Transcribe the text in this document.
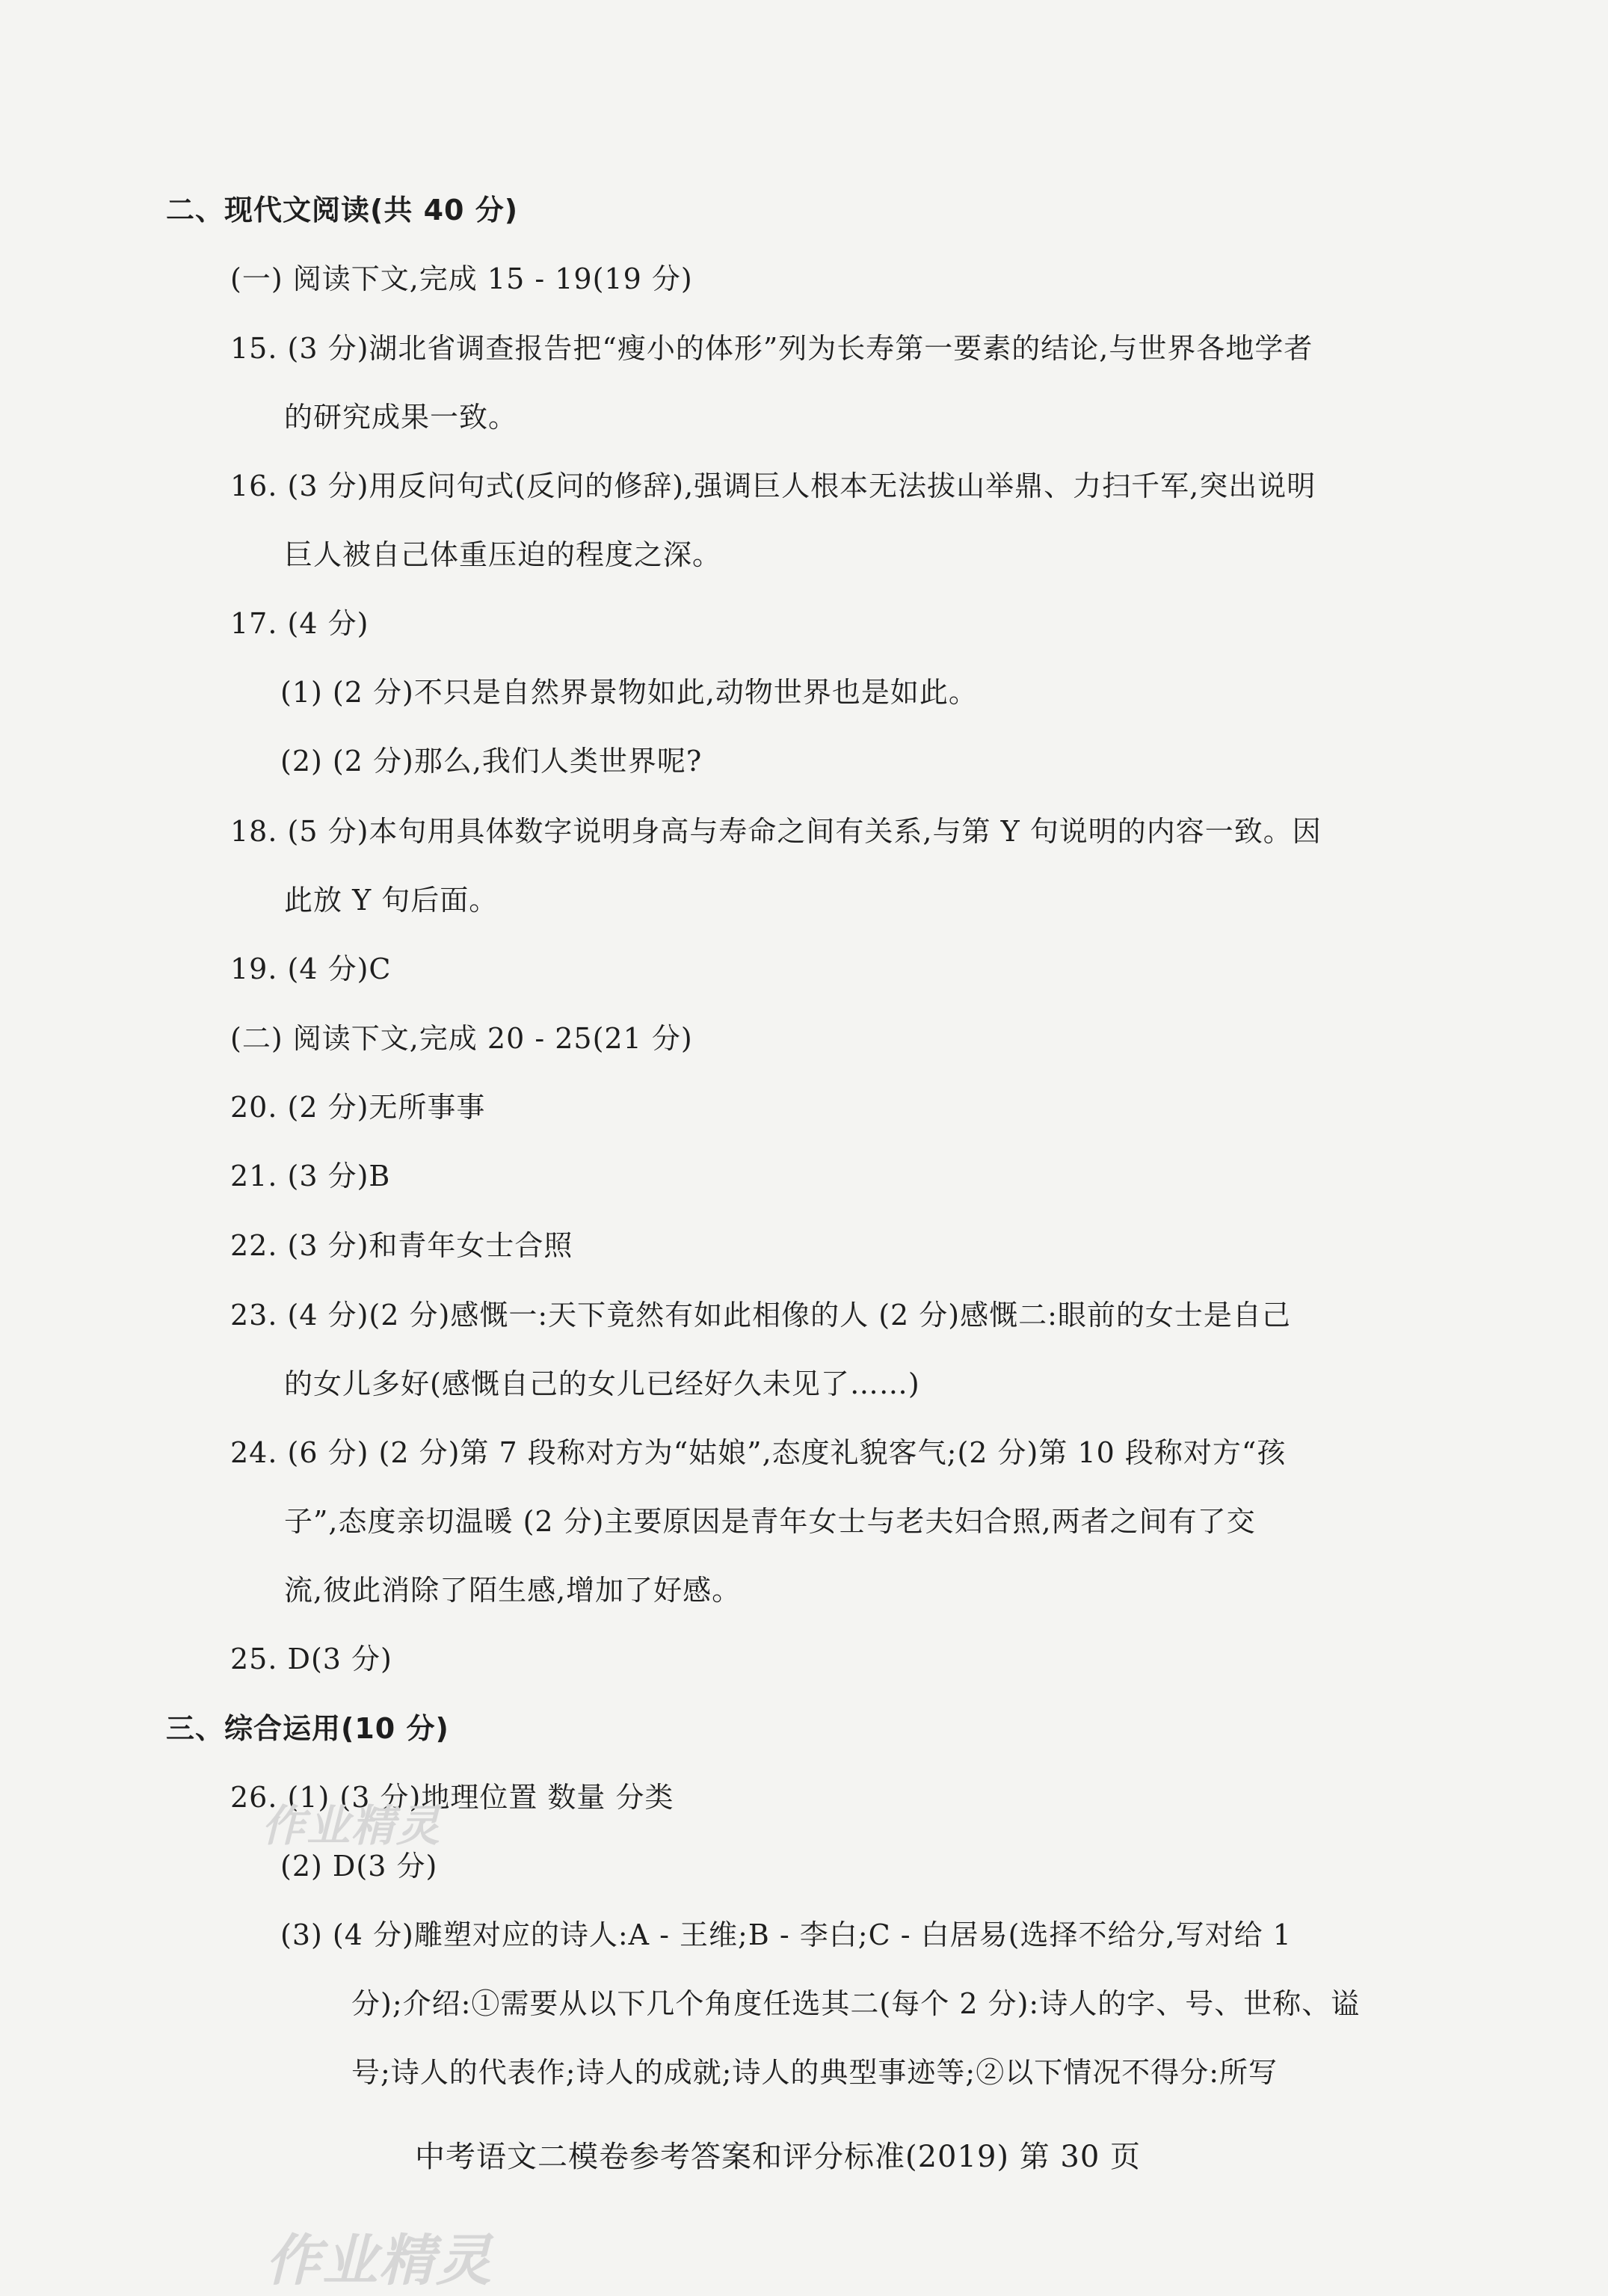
二、现代文阅读(共 40 分)
(一) 阅读下文,完成 15 - 19(19 分)
15. (3 分)湖北省调查报告把“瘦小的体形”列为长寿第一要素的结论,与世界各地学者
的研究成果一致。
16. (3 分)用反问句式(反问的修辞),强调巨人根本无法拔山举鼎、力扫千军,突出说明
巨人被自己体重压迫的程度之深。
17. (4 分)
(1) (2 分)不只是自然界景物如此,动物世界也是如此。
(2) (2 分)那么,我们人类世界呢?
18. (5 分)本句用具体数字说明身高与寿命之间有关系,与第 Y 句说明的内容一致。因
此放 Y 句后面。
19. (4 分)C
(二) 阅读下文,完成 20 - 25(21 分)
20. (2 分)无所事事
21. (3 分)B
22. (3 分)和青年女士合照
23. (4 分)(2 分)感慨一:天下竟然有如此相像的人 (2 分)感慨二:眼前的女士是自己
的女儿多好(感慨自己的女儿已经好久未见了……)
24. (6 分) (2 分)第 7 段称对方为“姑娘”,态度礼貌客气;(2 分)第 10 段称对方“孩
子”,态度亲切温暖 (2 分)主要原因是青年女士与老夫妇合照,两者之间有了交
流,彼此消除了陌生感,增加了好感。
25. D(3 分)
三、综合运用(10 分)
26. (1) (3 分)地理位置 数量 分类
(2) D(3 分)
(3) (4 分)雕塑对应的诗人:A - 王维;B - 李白;C - 白居易(选择不给分,写对给 1
分);介绍:①需要从以下几个角度任选其二(每个 2 分):诗人的字、号、世称、谥
号;诗人的代表作;诗人的成就;诗人的典型事迹等;②以下情况不得分:所写
中考语文二模卷参考答案和评分标准(2019) 第 30 页
作业精灵
作业精灵
